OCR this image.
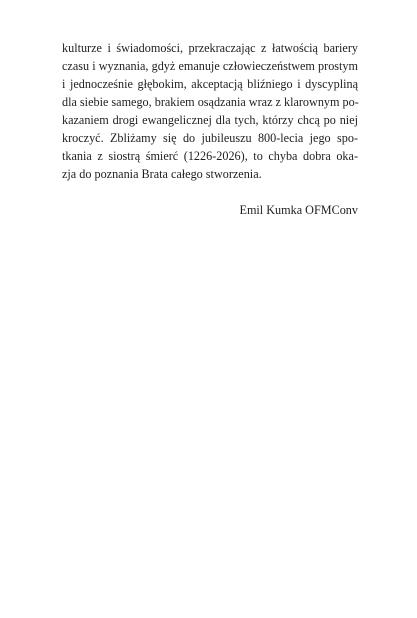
kulturze i świadomości, przekraczając z łatwością bariery
czasu i wyznania, gdyż emanuje człowieczeństwem prostym
i jednocześnie głębokim, akceptacją bliźniego i dyscypliną
dla siebie samego, brakiem osądzania wraz z klarownym po-
kazaniem drogi ewangelicznej dla tych, którzy chcą po niej
kroczyć. Zbliżamy się do jubileuszu 800-lecia jego spo-
tkania z siostrą śmierć (1226-2026), to chyba dobra oka-
zja do poznania Brata całego stworzenia.
Emil Kumka OFMConv
